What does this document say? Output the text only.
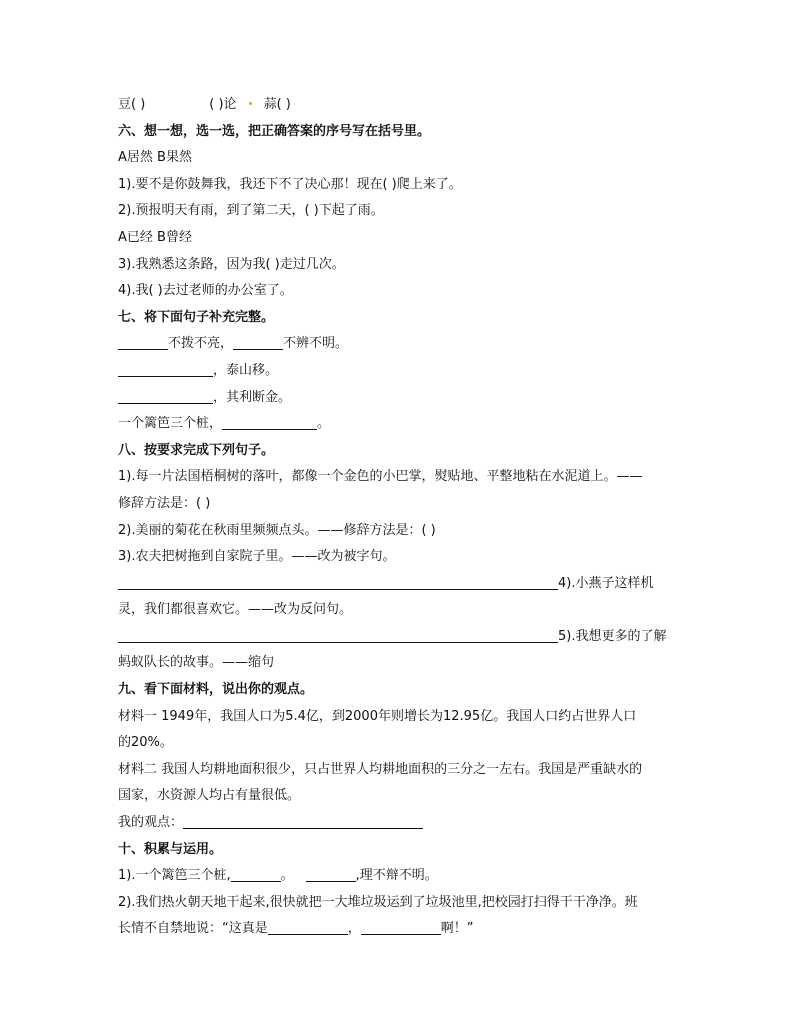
豆( )	( )论 蒜( )
六、想一想，选一选，把正确答案的序号写在括号里。
A居然 B果然
1).要不是你鼓舞我，我还下不了决心那！现在( )爬上来了。
2).预报明天有雨，到了第二天，( )下起了雨。
A已经 B曾经
3).我熟悉这条路，因为我( )走过几次。
4).我( )去过老师的办公室了。
七、将下面句子补充完整。
不拨不亮，	不辨不明。
，泰山移。
，其利断金。
一个篱笆三个桩，	。
八、按要求完成下列句子。
1).每一片法国梧桐树的落叶，都像一个金色的小巴掌，熨贴地、平整地粘在水泥道上。——
修辞方法是：( )
2).美丽的菊花在秋雨里频频点头。——修辞方法是：( )
3).农夫把树拖到自家院子里。——改为被字句。
4).小燕子这样机
灵，我们都很喜欢它。——改为反问句。
5).我想更多的了解
蚂蚁队长的故事。——缩句
九、看下面材料，说出你的观点。
材料一 1949年，我国人口为5.4亿，到2000年则增长为12.95亿。我国人口约占世界人口
的20%。
材料二 我国人均耕地面积很少，只占世界人均耕地面积的三分之一左右。我国是严重缺水的
国家，水资源人均占有量很低。
我的观点：
十、积累与运用。
1).一个篱笆三个桩,	。	,理不辩不明。
2).我们热火朝天地干起来,很快就把一大堆垃圾运到了垃圾池里,把校园打扫得干干净净。班
长情不自禁地说：“这真是	，	啊！”
